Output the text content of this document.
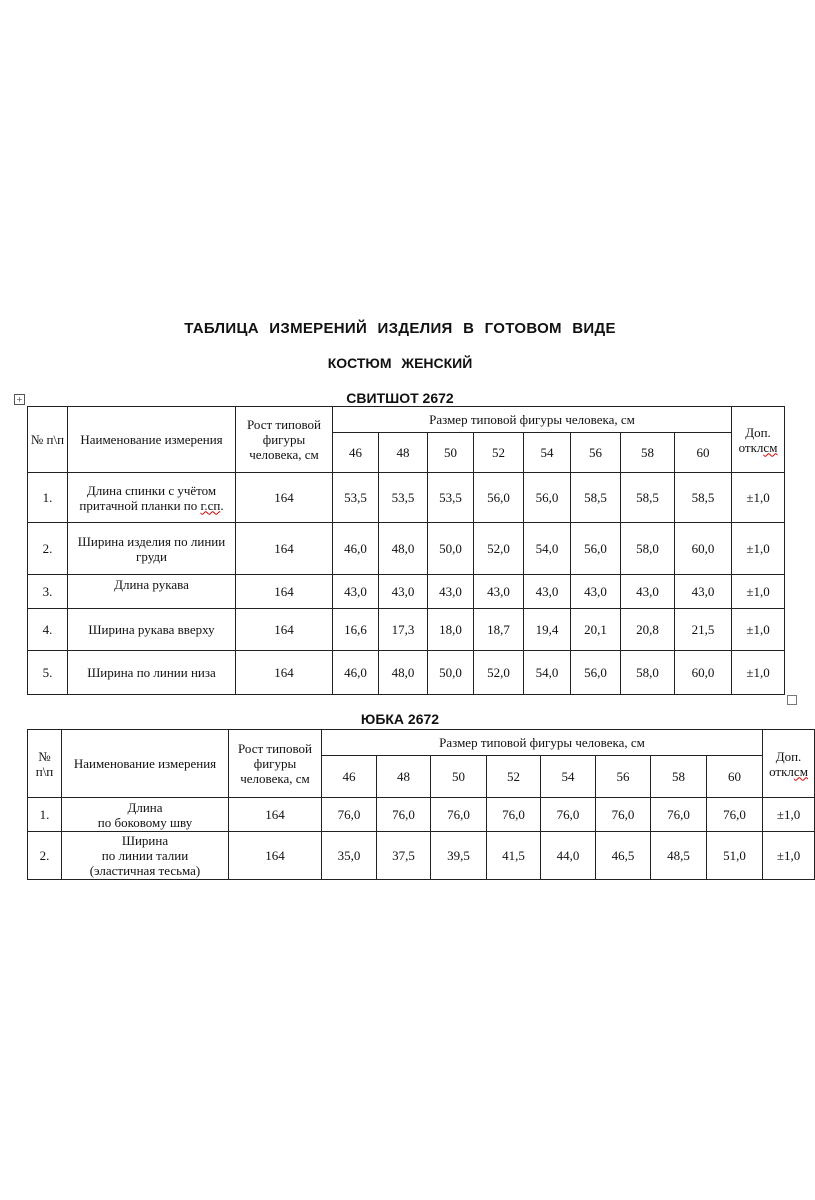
ТАБЛИЦА ИЗМЕРЕНИЙ ИЗДЕЛИЯ В ГОТОВОМ ВИДЕ
КОСТЮМ ЖЕНСКИЙ
+	СВИТШОТ 2672
№ п\п	Наименование измерения	Рост типовой фигуры человека, см	Размер типовой фигуры человека, см								Доп. отклсм
			46	48	50	52	54	56	58	60	
1.	Длина спинки с учётом притачной планки по г.сп.	164	53,5	53,5	53,5	56,0	56,0	58,5	58,5	58,5	±1,0
2.	Ширина изделия по линии груди	164	46,0	48,0	50,0	52,0	54,0	56,0	58,0	60,0	±1,0
3.	Длина рукава	164	43,0	43,0	43,0	43,0	43,0	43,0	43,0	43,0	±1,0
4.	Ширина рукава вверху	164	16,6	17,3	18,0	18,7	19,4	20,1	20,8	21,5	±1,0
5.	Ширина по линии низа	164	46,0	48,0	50,0	52,0	54,0	56,0	58,0	60,0	±1,0
ЮБКА 2672
№ п\п	Наименование измерения	Рост типовой фигуры человека, см	Размер типовой фигуры человека, см								Доп. отклсм
			46	48	50	52	54	56	58	60	
1.	Длина
по боковому шву	164	76,0	76,0	76,0	76,0	76,0	76,0	76,0	76,0	±1,0
2.	Ширина
по линии талии
(эластичная тесьма)	164	35,0	37,5	39,5	41,5	44,0	46,5	48,5	51,0	±1,0
